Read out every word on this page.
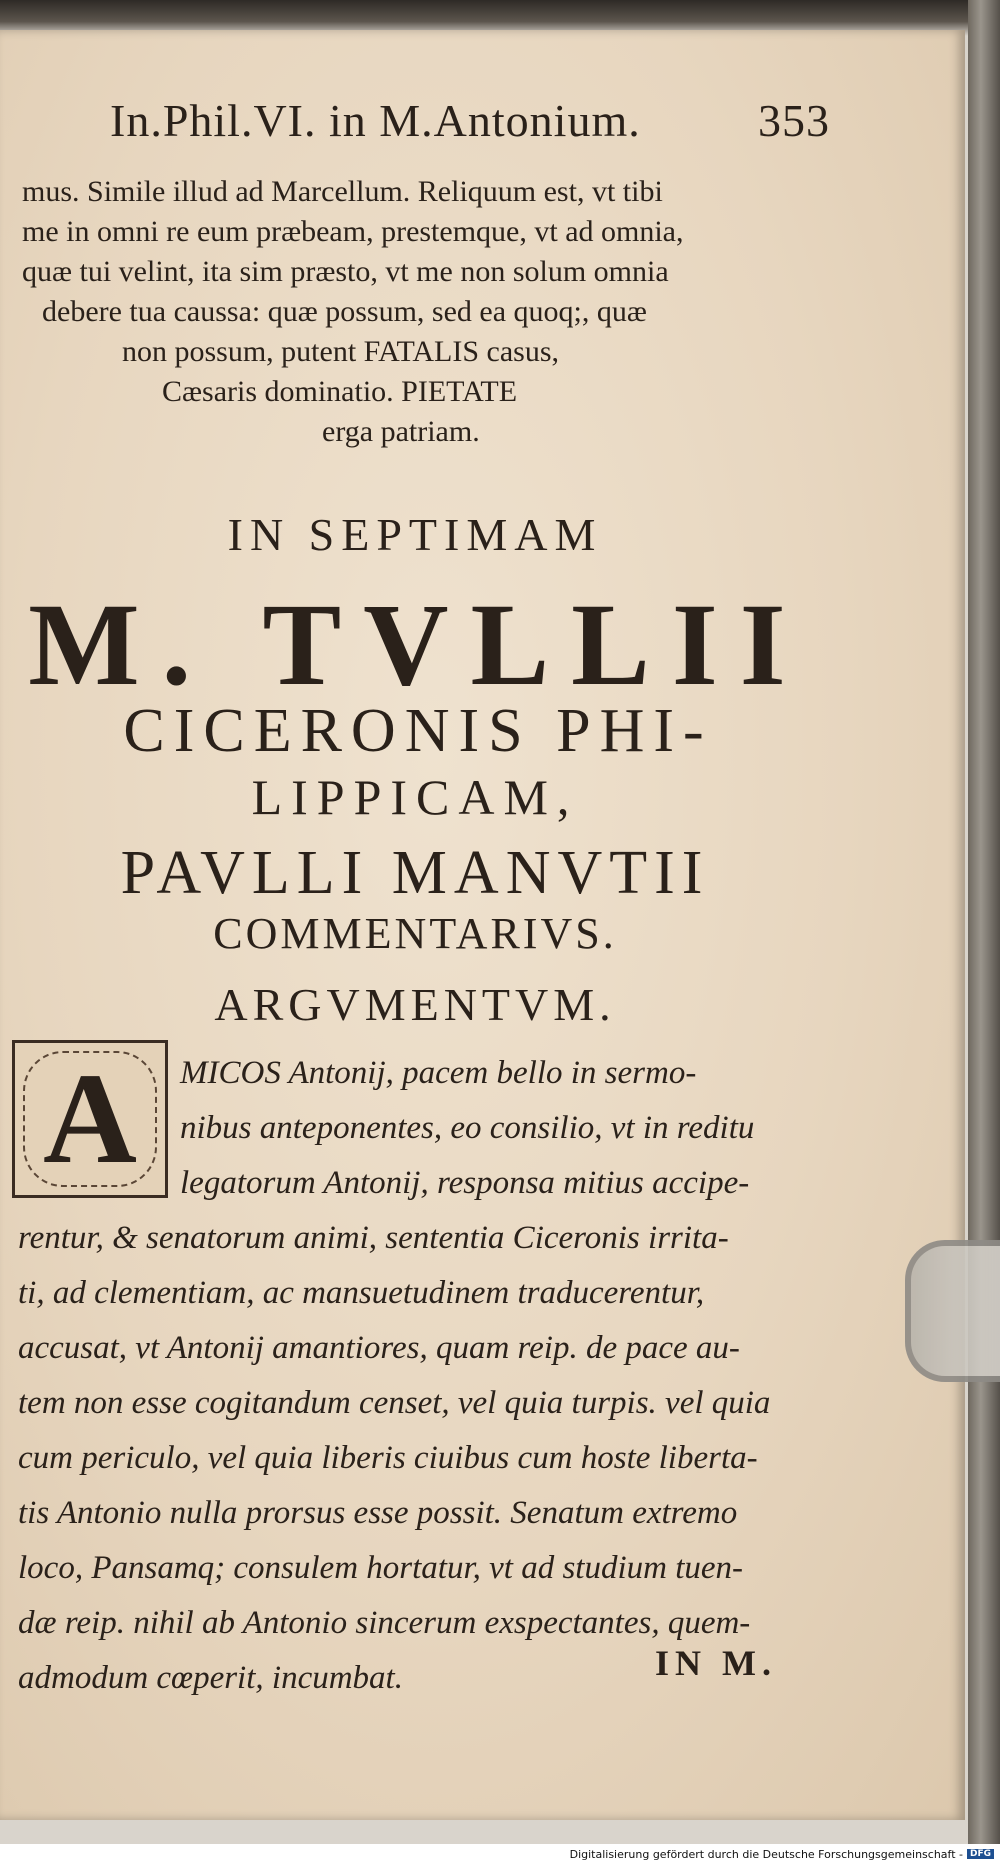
In.Phil.VI. in M.Antonium.	353
mus. Simile illud ad Marcellum. Reliquum est, vt tibi
me in omni re eum præbeam, prestemque, vt ad omnia,
quæ tui velint, ita sim præsto, vt me non solum omnia
debere tua caussa: quæ possum, sed ea quoq;, quæ
non possum, putent FATALIS casus,
Cæsaris dominatio. PIETATE
erga patriam.
IN SEPTIMAM
M. TVLLII
CICERONIS PHI-
LIPPICAM,
PAVLLI MANVTII
COMMENTARIVS.
ARGVMENTVM.
A	MICOS Antonij, pacem bello in sermo-
nibus anteponentes, eo consilio, vt in reditu
legatorum Antonij, responsa mitius accipe-
rentur, & senatorum animi, sententia Ciceronis irrita-
ti, ad clementiam, ac mansuetudinem traducerentur,
accusat, vt Antonij amantiores, quam reip. de pace au-
tem non esse cogitandum censet, vel quia turpis. vel quia
cum periculo, vel quia liberis ciuibus cum hoste liberta-
tis Antonio nulla prorsus esse possit. Senatum extremo
loco, Pansamq; consulem hortatur, vt ad studium tuen-
dæ reip. nihil ab Antonio sincerum exspectantes, quem-
admodum cœperit, incumbat.	IN M.
Digitalisierung gefördert durch die Deutsche Forschungsgemeinschaft - DFG
